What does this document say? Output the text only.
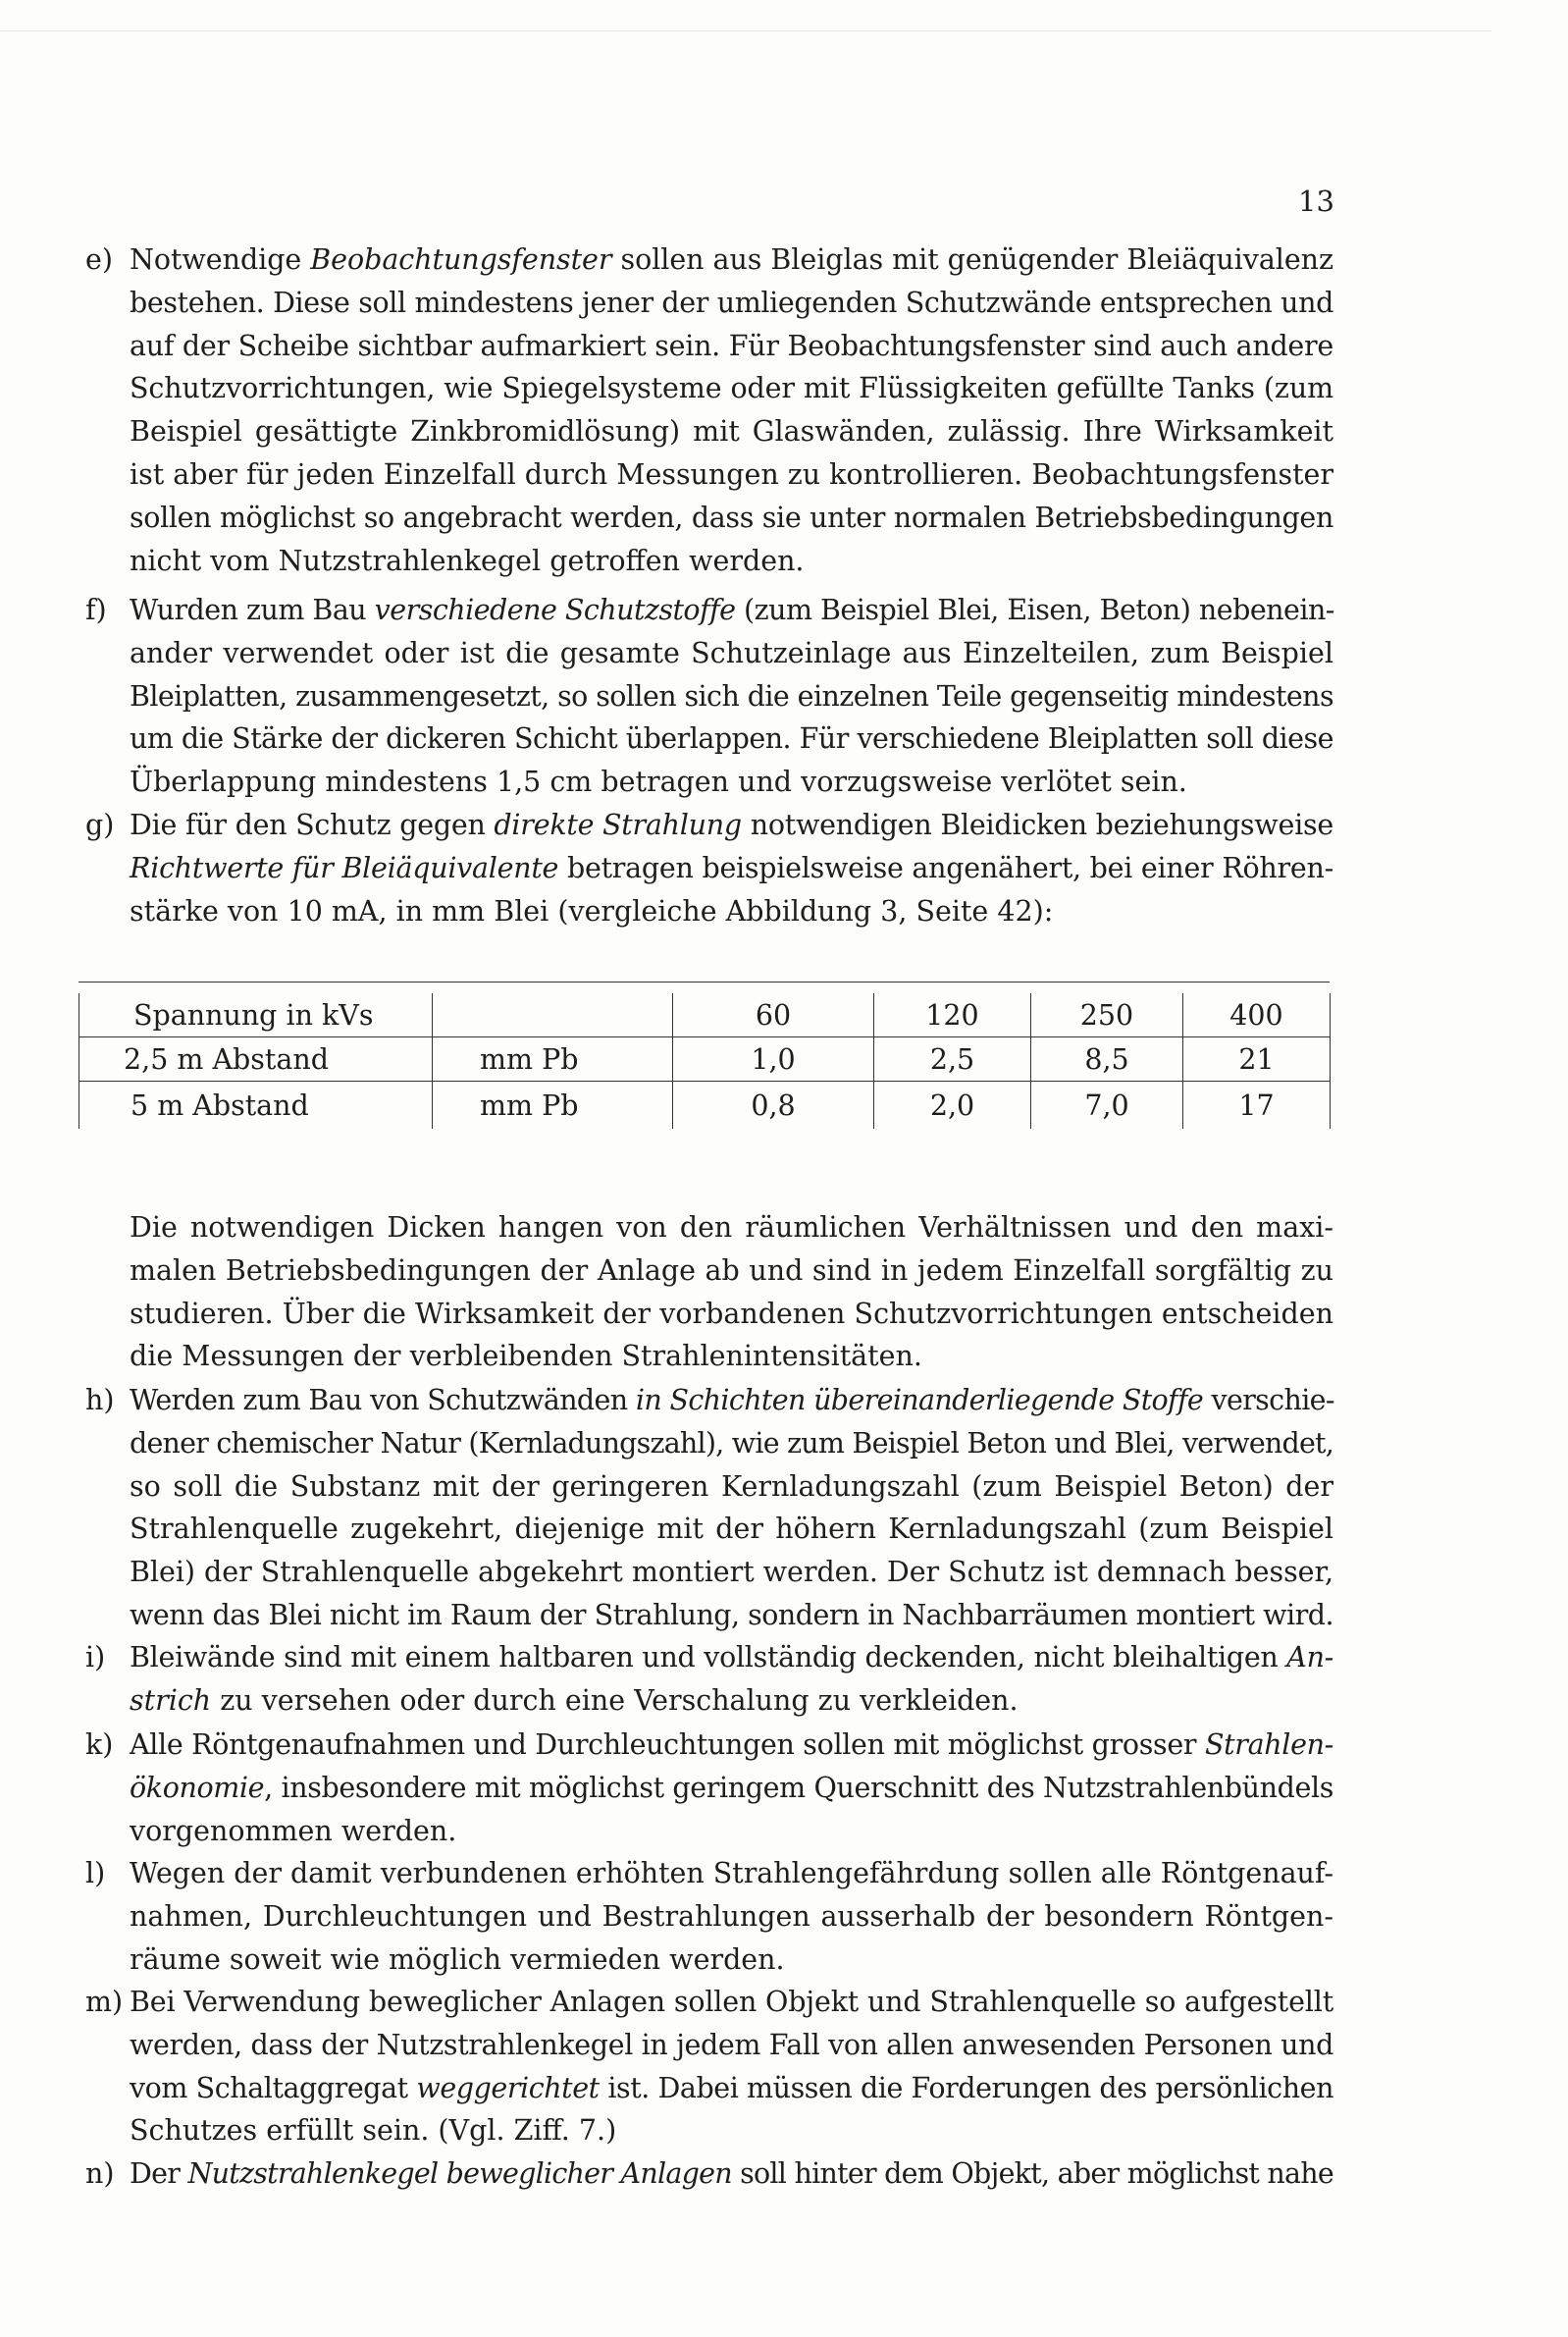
13
e) Notwendige Beobachtungsfenster sollen aus Bleiglas mit genügender Bleiäquivalenz
bestehen. Diese soll mindestens jener der umliegenden Schutzwände entsprechen und
auf der Scheibe sichtbar aufmarkiert sein. Für Beobachtungsfenster sind auch andere
Schutzvorrichtungen, wie Spiegelsysteme oder mit Flüssigkeiten gefüllte Tanks (zum
Beispiel gesättigte Zinkbromidlösung) mit Glaswänden, zulässig. Ihre Wirksamkeit
ist aber für jeden Einzelfall durch Messungen zu kontrollieren. Beobachtungsfenster
sollen möglichst so angebracht werden, dass sie unter normalen Betriebsbedingungen
nicht vom Nutzstrahlenkegel getroffen werden.
f) Wurden zum Bau verschiedene Schutzstoffe (zum Beispiel Blei, Eisen, Beton) nebenein-
ander verwendet oder ist die gesamte Schutzeinlage aus Einzelteilen, zum Beispiel
Bleiplatten, zusammengesetzt, so sollen sich die einzelnen Teile gegenseitig mindestens
um die Stärke der dickeren Schicht überlappen. Für verschiedene Bleiplatten soll diese
Überlappung mindestens 1,5 cm betragen und vorzugsweise verlötet sein.
g) Die für den Schutz gegen direkte Strahlung notwendigen Bleidicken beziehungsweise
Richtwerte für Bleiäquivalente betragen beispielsweise angenähert, bei einer Röhren-
stärke von 10 mA, in mm Blei (vergleiche Abbildung 3, Seite 42):
Spannung in kVs		60	120	250	400
2,5 m Abstand	mm Pb	1,0	2,5	8,5	21
5 m Abstand	mm Pb	0,8	2,0	7,0	17
Die notwendigen Dicken hangen von den räumlichen Verhältnissen und den maxi-
malen Betriebsbedingungen der Anlage ab und sind in jedem Einzelfall sorgfältig zu
studieren. Über die Wirksamkeit der vorbandenen Schutzvorrichtungen entscheiden
die Messungen der verbleibenden Strahlenintensitäten.
h) Werden zum Bau von Schutzwänden in Schichten übereinanderliegende Stoffe verschie-
dener chemischer Natur (Kernladungszahl), wie zum Beispiel Beton und Blei, verwendet,
so soll die Substanz mit der geringeren Kernladungszahl (zum Beispiel Beton) der
Strahlenquelle zugekehrt, diejenige mit der höhern Kernladungszahl (zum Beispiel
Blei) der Strahlenquelle abgekehrt montiert werden. Der Schutz ist demnach besser,
wenn das Blei nicht im Raum der Strahlung, sondern in Nachbarräumen montiert wird.
i) Bleiwände sind mit einem haltbaren und vollständig deckenden, nicht bleihaltigen An-
strich zu versehen oder durch eine Verschalung zu verkleiden.
k) Alle Röntgenaufnahmen und Durchleuchtungen sollen mit möglichst grosser Strahlen-
ökonomie, insbesondere mit möglichst geringem Querschnitt des Nutzstrahlenbündels
vorgenommen werden.
l) Wegen der damit verbundenen erhöhten Strahlengefährdung sollen alle Röntgenauf-
nahmen, Durchleuchtungen und Bestrahlungen ausserhalb der besondern Röntgen-
räume soweit wie möglich vermieden werden.
m) Bei Verwendung beweglicher Anlagen sollen Objekt und Strahlenquelle so aufgestellt
werden, dass der Nutzstrahlenkegel in jedem Fall von allen anwesenden Personen und
vom Schaltaggregat weggerichtet ist. Dabei müssen die Forderungen des persönlichen
Schutzes erfüllt sein. (Vgl. Ziff. 7.)
n) Der Nutzstrahlenkegel beweglicher Anlagen soll hinter dem Objekt, aber möglichst nahe
